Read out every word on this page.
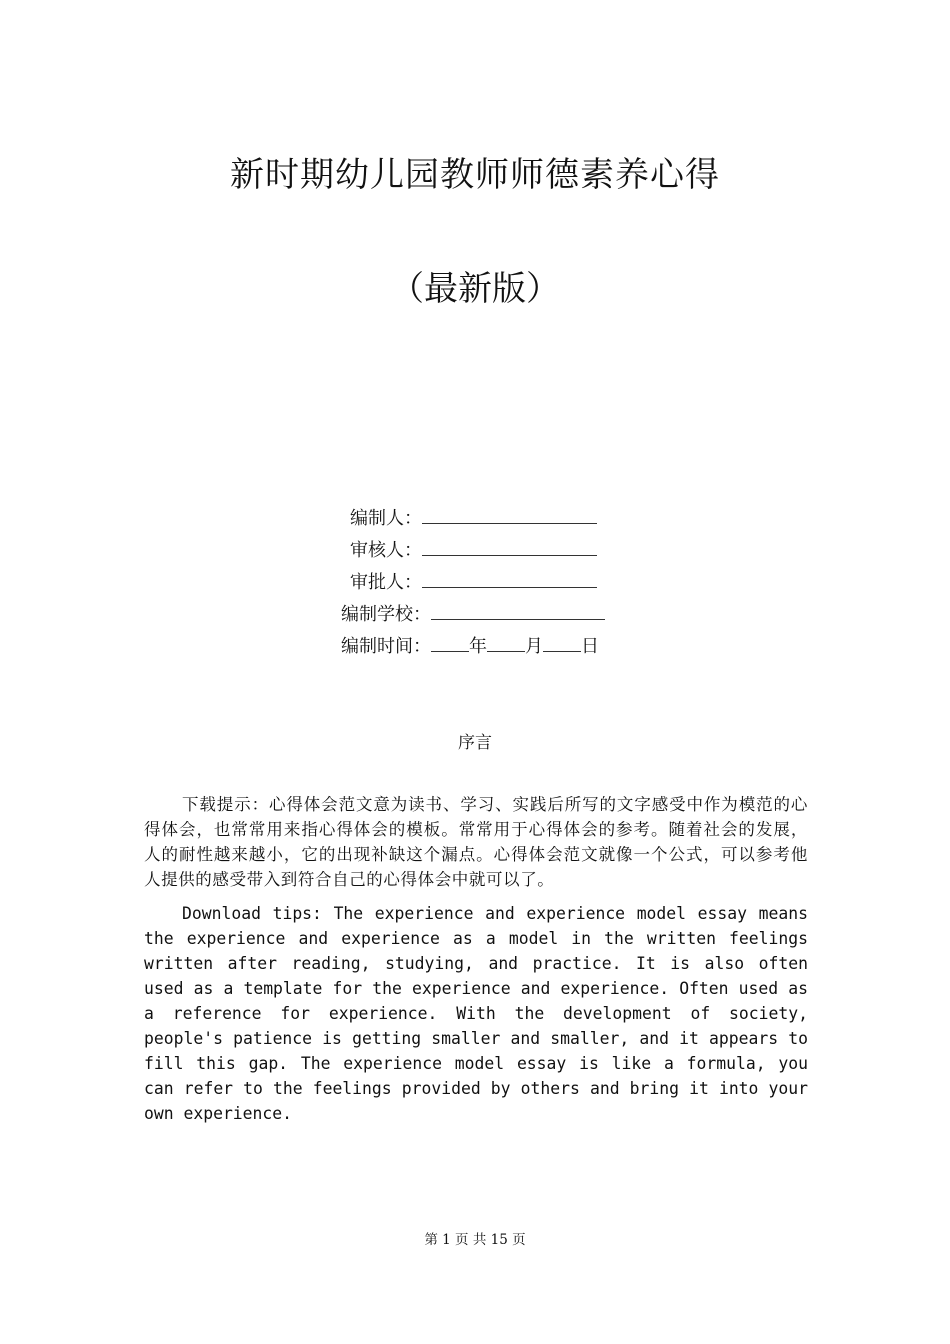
新时期幼儿园教师师德素养心得
（最新版）
编制人：
审核人：
审批人：
编制学校：
编制时间： 年 月 日
序言

下载提示：心得体会范文意为读书、学习、实践后所写的文字感受中作为模范的心得体会，也常常用来指心得体会的模板。常常用于心得体会的参考。随着社会的发展，人的耐性越来越小，它的出现补缺这个漏点。心得体会范文就像一个公式，可以参考他人提供的感受带入到符合自己的心得体会中就可以了。

Download tips: The experience and experience model essay means the experience and experience as a model in the written feelings written after reading, studying, and practice. It is also often used as a template for the experience and experience. Often used as a reference for experience. With the development of society, people's patience is getting smaller and smaller, and it appears to fill this gap. The experience model essay is like a formula, you can refer to the feelings provided by others and bring it into your own experience.

第 1 页 共 15 页
